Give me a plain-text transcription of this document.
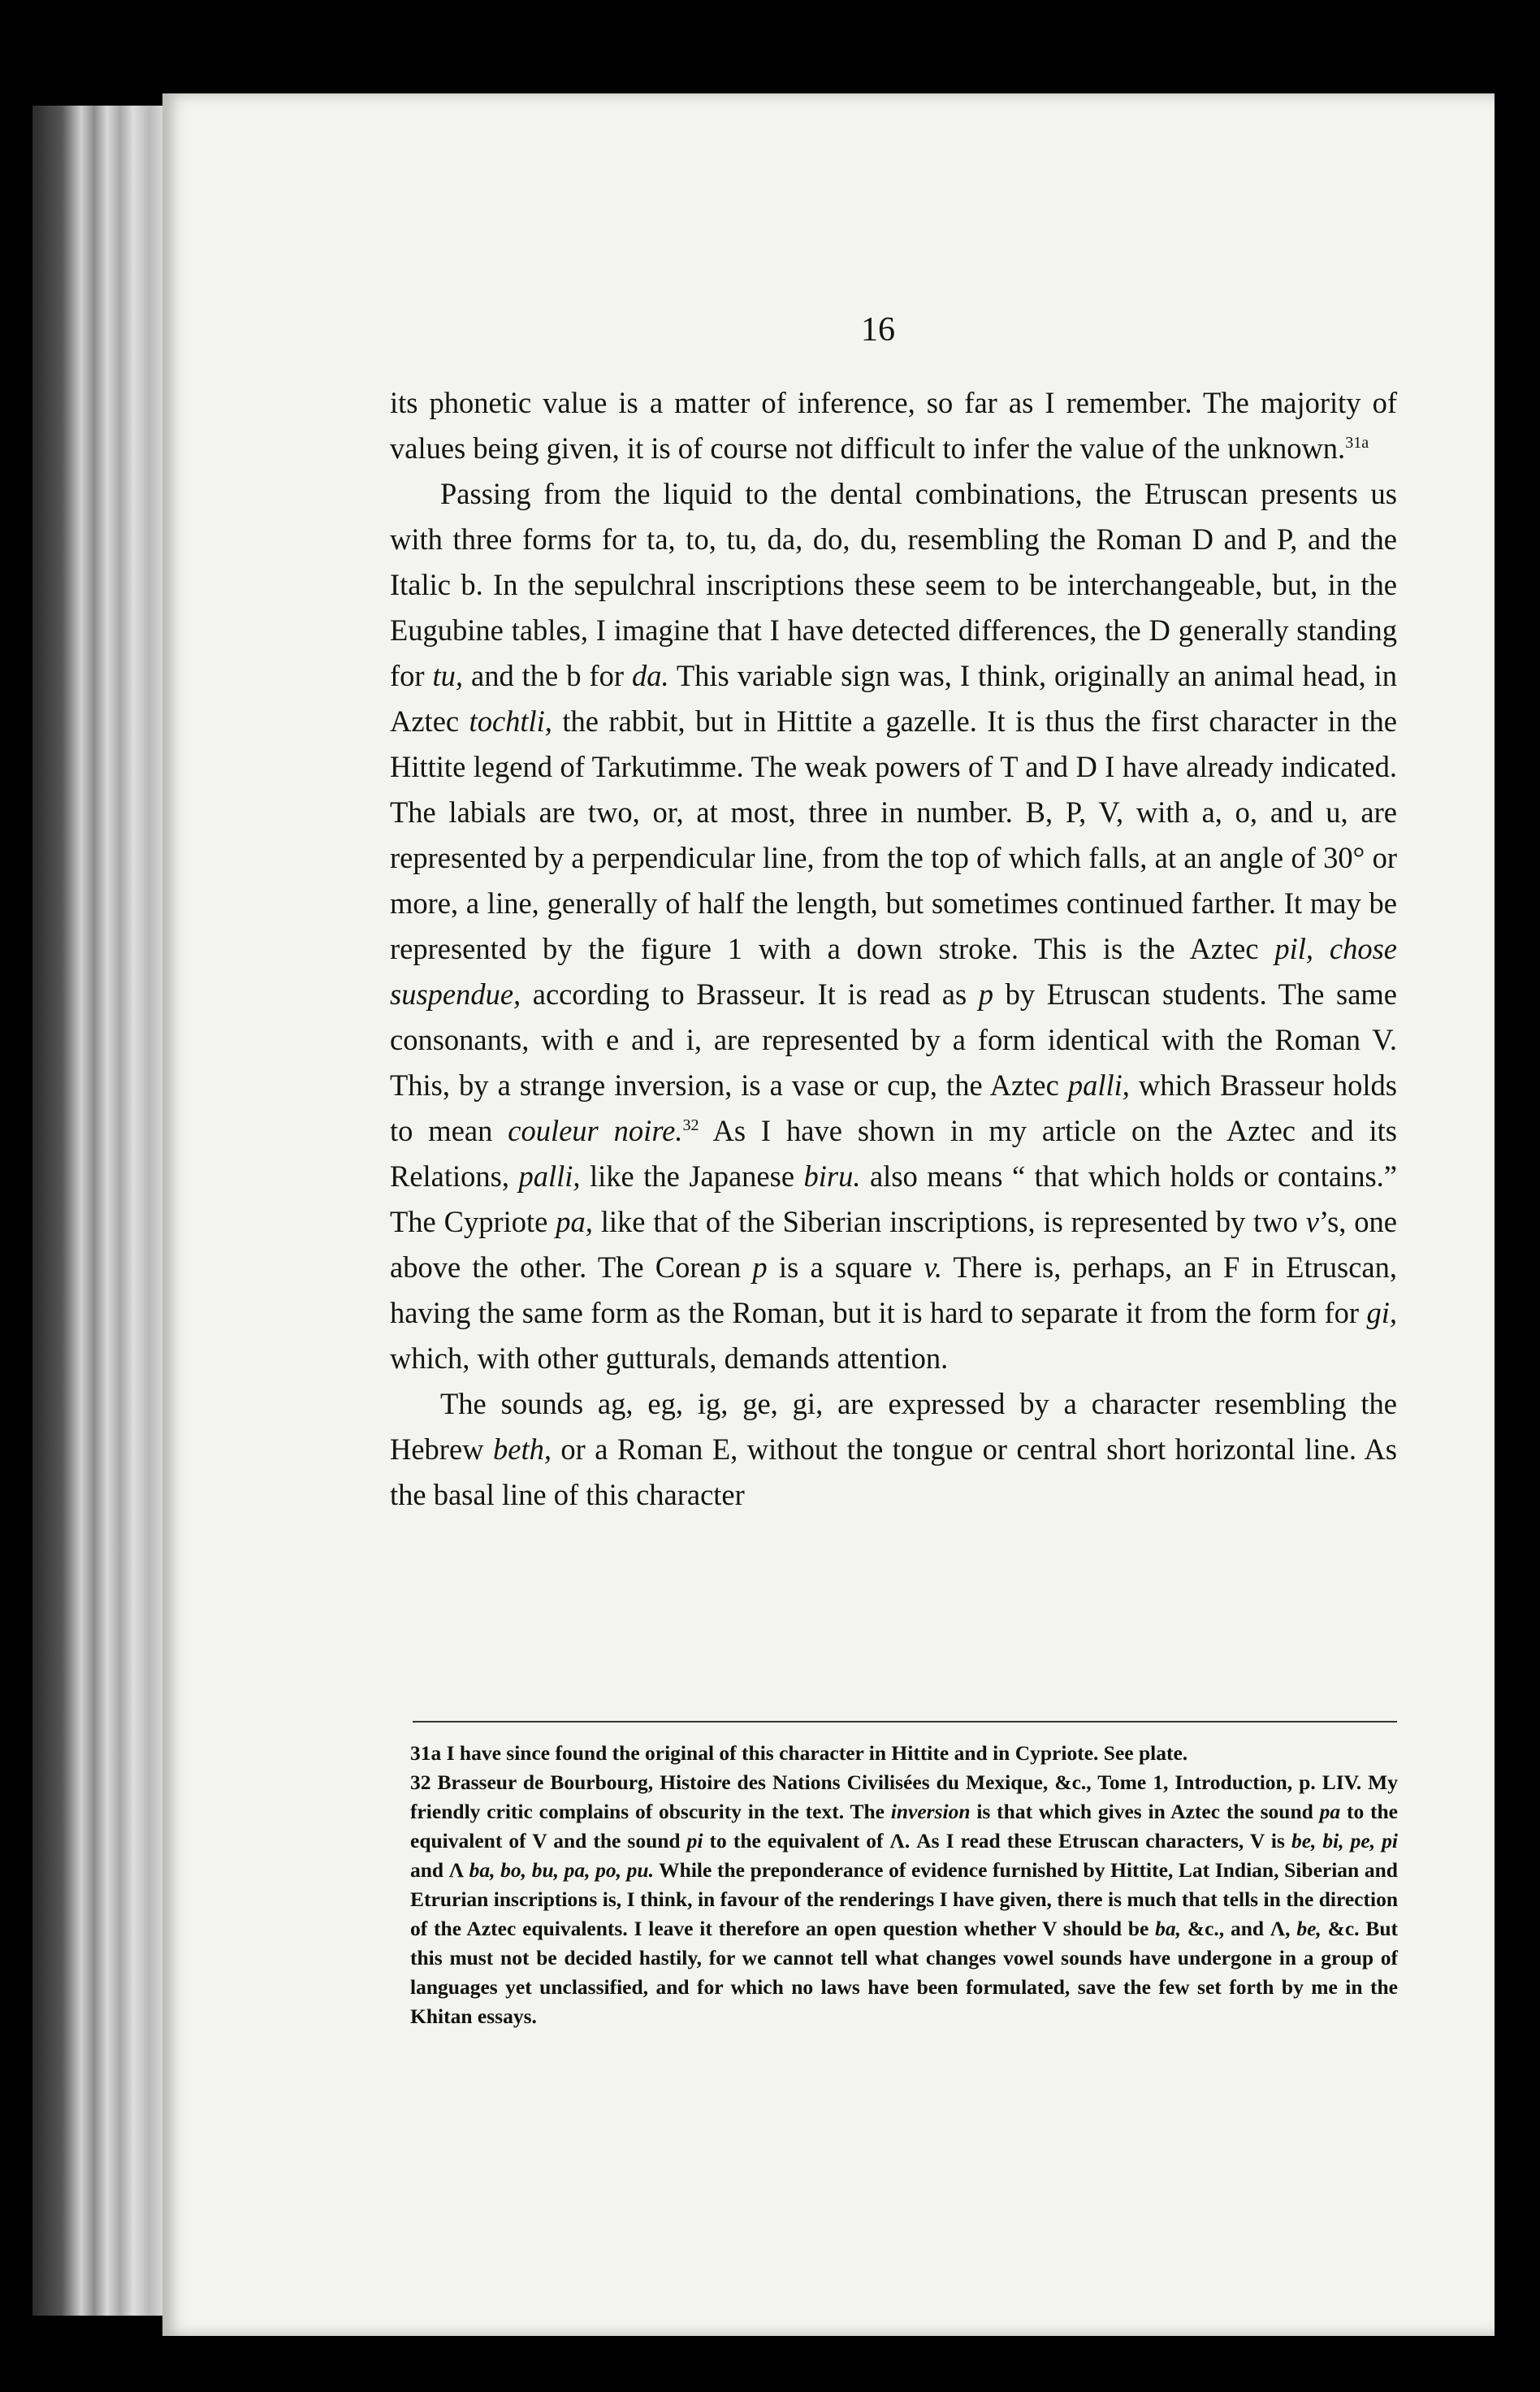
16

its phonetic value is a matter of inference, so far as I remember. The majority of values being given, it is of course not difficult to infer the value of the unknown.$^{31a}$

Passing from the liquid to the dental combinations, the Etruscan presents us with three forms for ta, to, tu, da, do, du, resembling the Roman D and P, and the Italic b. In the sepulchral inscriptions these seem to be interchangeable, but, in the Eugubine tables, I imagine that I have detected differences, the D generally standing for tu, and the b for da. This variable sign was, I think, originally an animal head, in Aztec tochtli, the rabbit, but in Hittite a gazelle. It is thus the first character in the Hittite legend of Tarkutimme. The weak powers of T and D I have already indicated. The labials are two, or, at most, three in number. B, P, V, with a, o, and u, are represented by a perpendicular line, from the top of which falls, at an angle of 30° or more, a line, generally of half the length, but sometimes continued farther. It may be represented by the figure 1 with a down stroke. This is the Aztec pil, chose suspendue, according to Brasseur. It is read as p by Etruscan students. The same consonants, with e and i, are represented by a form identical with the Roman V. This, by a strange inversion, is a vase or cup, the Aztec palli, which Brasseur holds to mean couleur noire.$^{32}$ As I have shown in my article on the Aztec and its Relations, palli, like the Japanese biru. also means “ that which holds or contains.” The Cypriote pa, like that of the Siberian inscriptions, is represented by two v’s, one above the other. The Corean p is a square v. There is, perhaps, an F in Etruscan, having the same form as the Roman, but it is hard to separate it from the form for gi, which, with other gutturals, demands attention.

The sounds ag, eg, ig, ge, gi, are expressed by a character resembling the Hebrew beth, or a Roman E, without the tongue or central short horizontal line. As the basal line of this character

31a I have since found the original of this character in Hittite and in Cypriote. See plate.

32 Brasseur de Bourbourg, Histoire des Nations Civilisées du Mexique, &c., Tome 1, Introduction, p. LIV. My friendly critic complains of obscurity in the text. The inversion is that which gives in Aztec the sound pa to the equivalent of V and the sound pi to the equivalent of Λ. As I read these Etruscan characters, V is be, bi, pe, pi and Λ ba, bo, bu, pa, po, pu. While the preponderance of evidence furnished by Hittite, Lat Indian, Siberian and Etrurian inscriptions is, I think, in favour of the renderings I have given, there is much that tells in the direction of the Aztec equivalents. I leave it therefore an open question whether V should be ba, &c., and Λ, be, &c. But this must not be decided hastily, for we cannot tell what changes vowel sounds have undergone in a group of languages yet unclassified, and for which no laws have been formulated, save the few set forth by me in the Khitan essays.
